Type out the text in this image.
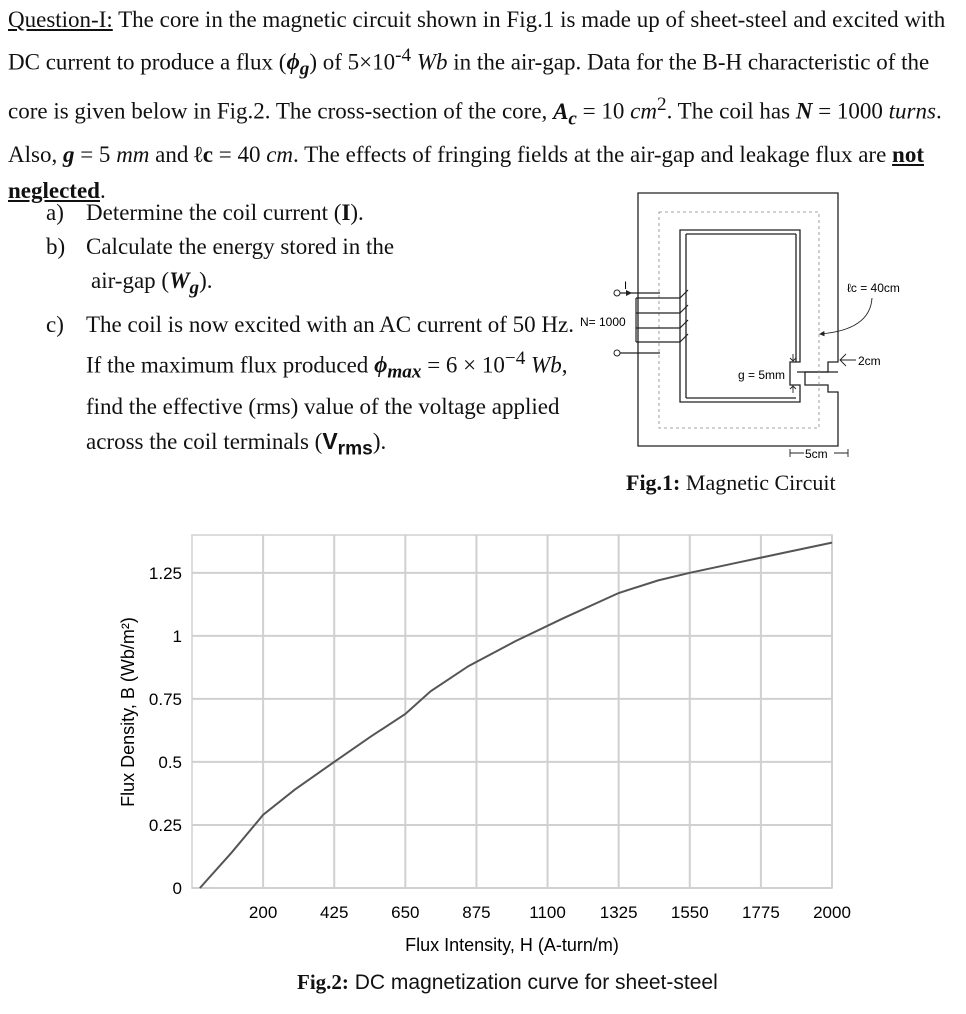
Question-I: The core in the magnetic circuit shown in Fig.1 is made up of sheet-steel and excited with DC current to produce a flux $(\phi_g)$ of $5\times 10^{-4}$ Wb in the air-gap. Data for the B-H characteristic of the core is given below in Fig.2. The cross-section of the core, $A_c = 10$ $cm^2$. The coil has N = 1000 turns. Also, g = 5 mm and ℓc = 40 cm. The effects of fringing fields at the air-gap and leakage flux are not neglected.
a) Determine the coil current (I).
b) Calculate the energy stored in the
air-gap $(W_g)$.
c) The coil is now excited with an AC current of 50 Hz. If the maximum flux produced $\phi_{max} = 6 \times 10^{-4}$ Wb, find the effective (rms) value of the voltage applied across the coil terminals $(V_{rms})$.
I
N= 1000
ℓc = 40cm
2cm
g = 5mm
5cm
Fig.1: Magnetic Circuit
200	425	650	875 1100 1325 1550 1775 2000
0
0.25
0.5
0.75
1
1.25
Flux Intensity, H (A-turn/m)
Flux Density, B (Wb/m²)
Fig.2: DC magnetization curve for sheet-steel
